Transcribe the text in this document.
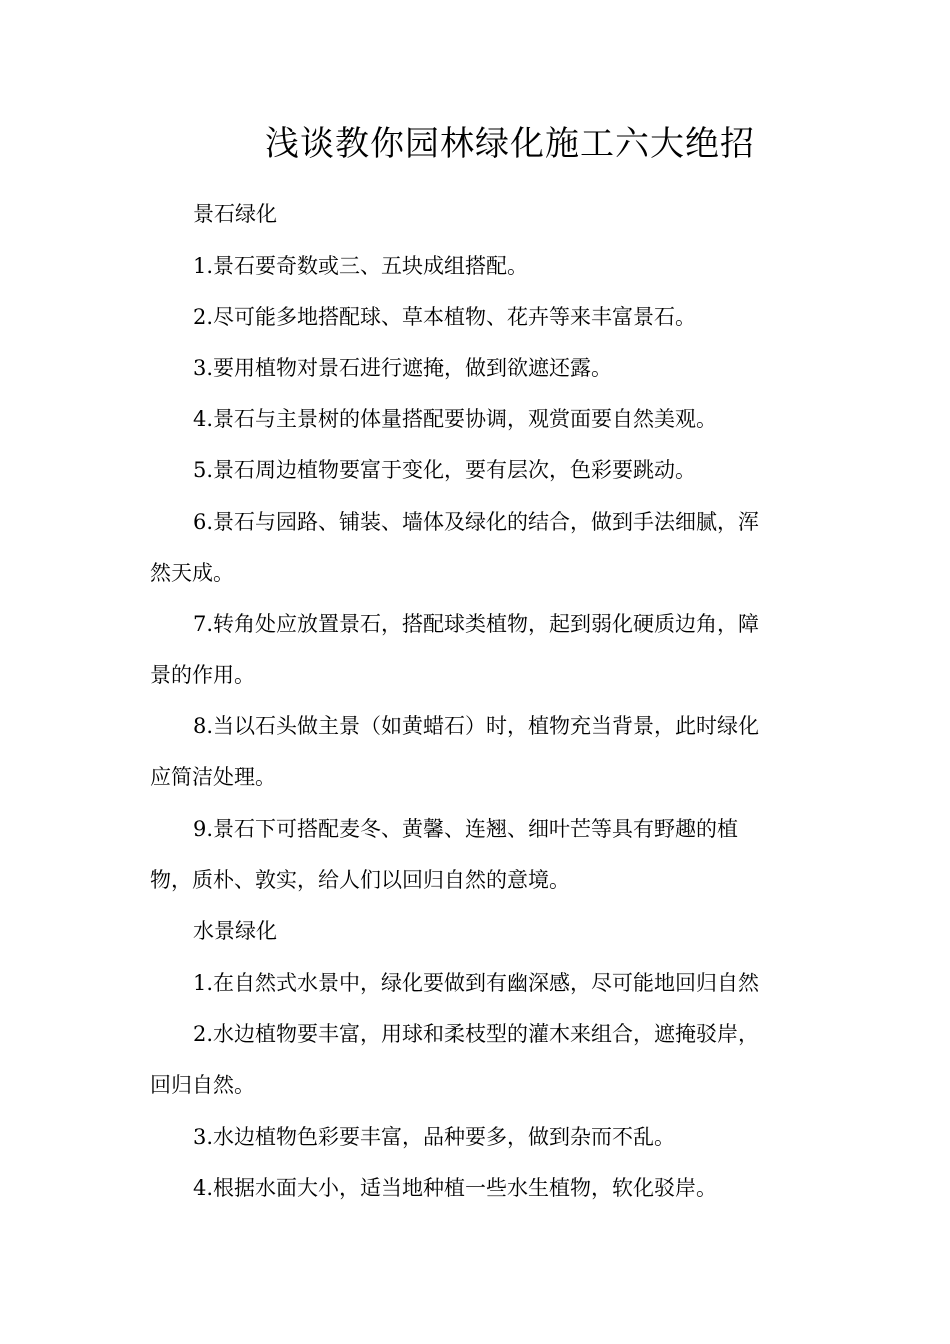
浅谈教你园林绿化施工六大绝招
景石绿化
1.景石要奇数或三、五块成组搭配。
2.尽可能多地搭配球、草本植物、花卉等来丰富景石。
3.要用植物对景石进行遮掩，做到欲遮还露。
4.景石与主景树的体量搭配要协调，观赏面要自然美观。
5.景石周边植物要富于变化，要有层次，色彩要跳动。
6.景石与园路、铺装、墙体及绿化的结合，做到手法细腻，浑
然天成。
7.转角处应放置景石，搭配球类植物，起到弱化硬质边角，障
景的作用。
8.当以石头做主景（如黄蜡石）时，植物充当背景，此时绿化
应简洁处理。
9.景石下可搭配麦冬、黄馨、连翘、细叶芒等具有野趣的植
物，质朴、敦实，给人们以回归自然的意境。
水景绿化
1.在自然式水景中，绿化要做到有幽深感，尽可能地回归自然
2.水边植物要丰富，用球和柔枝型的灌木来组合，遮掩驳岸，
回归自然。
3.水边植物色彩要丰富，品种要多，做到杂而不乱。
4.根据水面大小，适当地种植一些水生植物，软化驳岸。
